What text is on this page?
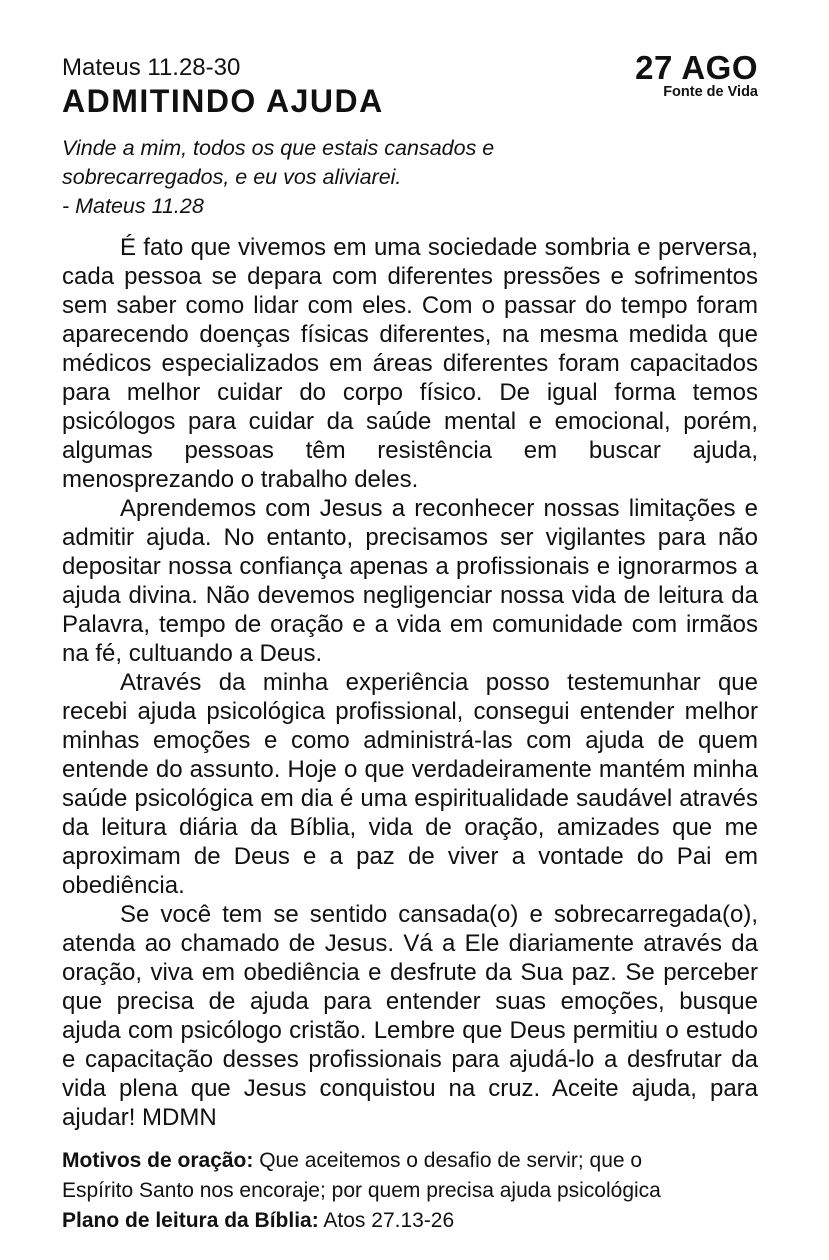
Mateus 11.28-30
ADMITINDO AJUDA
27 AGO
Fonte de Vida
Vinde a mim, todos os que estais cansados e
sobrecarregados, e eu vos aliviarei.
- Mateus 11.28

É fato que vivemos em uma sociedade sombria e perversa, cada pessoa se depara com diferentes pressões e sofrimentos sem saber como lidar com eles. Com o passar do tempo foram aparecendo doenças físicas diferentes, na mesma medida que médicos especializados em áreas diferentes foram capacitados para melhor cuidar do corpo físico. De igual forma temos psicólogos para cuidar da saúde mental e emocional, porém, algumas pessoas têm resistência em buscar ajuda, menosprezando o trabalho deles.

Aprendemos com Jesus a reconhecer nossas limitações e admitir ajuda. No entanto, precisamos ser vigilantes para não depositar nossa confiança apenas a profissionais e ignorarmos a ajuda divina. Não devemos negligenciar nossa vida de leitura da Palavra, tempo de oração e a vida em comunidade com irmãos na fé, cultuando a Deus.

Através da minha experiência posso testemunhar que recebi ajuda psicológica profissional, consegui entender melhor minhas emoções e como administrá-las com ajuda de quem entende do assunto. Hoje o que verdadeiramente mantém minha saúde psicológica em dia é uma espiritualidade saudável através da leitura diária da Bíblia, vida de oração, amizades que me aproximam de Deus e a paz de viver a vontade do Pai em obediência.

Se você tem se sentido cansada(o) e sobrecarregada(o), atenda ao chamado de Jesus. Vá a Ele diariamente através da oração, viva em obediência e desfrute da Sua paz. Se perceber que precisa de ajuda para entender suas emoções, busque ajuda com psicólogo cristão. Lembre que Deus permitiu o estudo e capacitação desses profissionais para ajudá-lo a desfrutar da vida plena que Jesus conquistou na cruz. Aceite ajuda, para ajudar! MDMN

Motivos de oração: Que aceitemos o desafio de servir; que o
Espírito Santo nos encoraje; por quem precisa ajuda psicológica
Plano de leitura da Bíblia: Atos 27.13-26
